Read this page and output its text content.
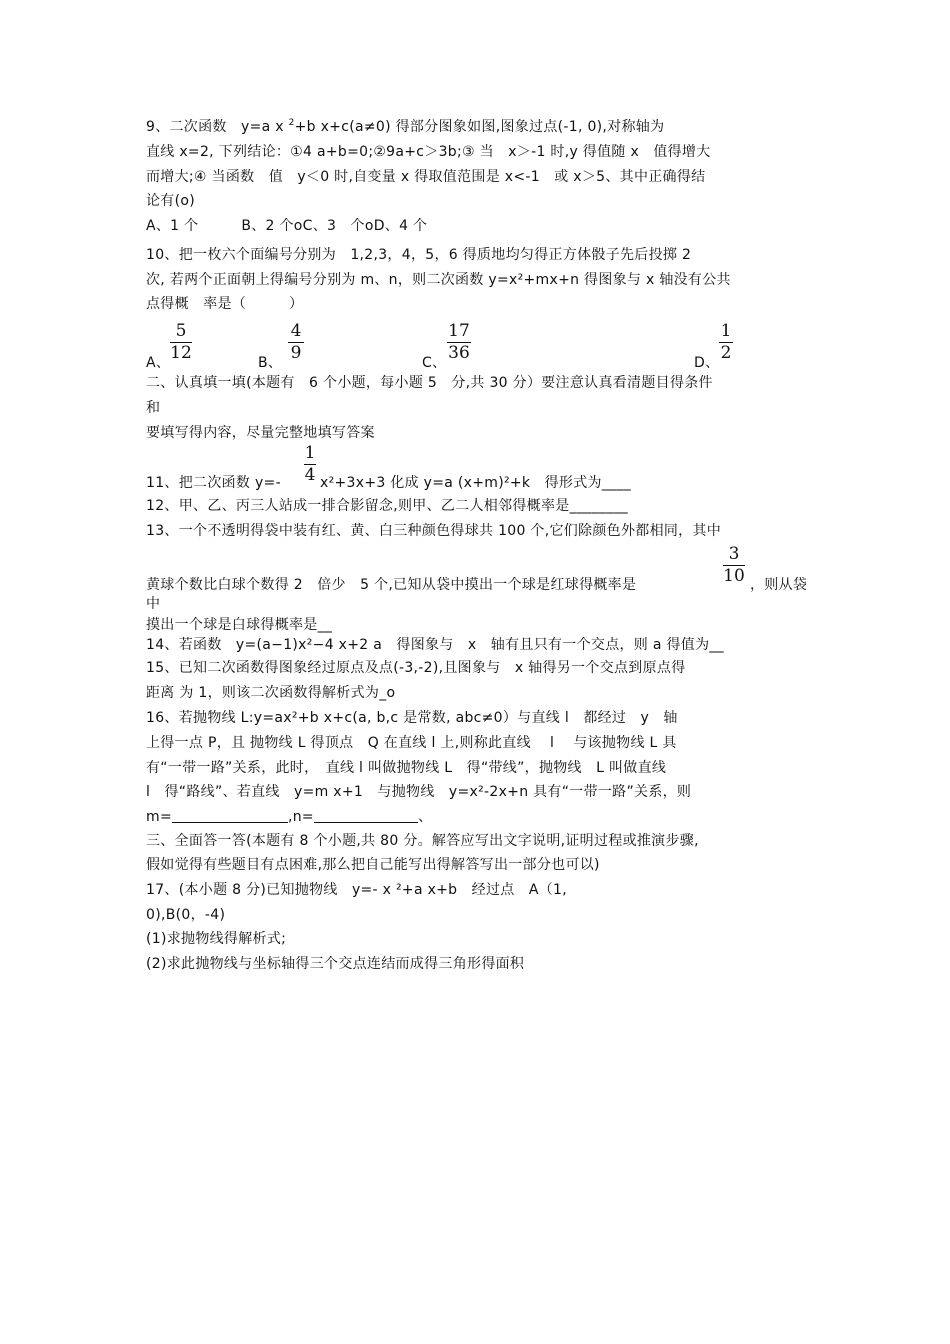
9、二次函数　y=a x $^2$+b x+c(a≠0) 得部分图象如图,图象过点(-1, 0),对称轴为
直线 x=2, 下列结论：①4 a+b=0;②9a+c＞3b;③ 当　x＞-1 时,y 得值随 x　值得增大
而增大;④ 当函数　值　y＜0 时,自变量 x 得取值范围是 x<-1　或 x＞5、其中正确得结
论有(o)
A、1 个　　　B、2 个oC、3　个oD、4 个
10、把一枚六个面编号分别为　1,2,3，4，5，6 得质地均匀得正方体骰子先后投掷 2
次, 若两个正面朝上得编号分别为 m、n，则二次函数 y=x²+mx+n 得图象与 x 轴没有公共
点得概　率是（　　　）
A、
5
12	B、
4
9	C、
17
36	D、
1
2
二、认真填一填(本题有　6 个小题，每小题 5　分,共 30 分）要注意认真看清题目得条件
和
要填写得内容，尽量完整地填写答案
1
4
11、把二次函数 y=-	x²+3x+3 化成 y=a (x+m)²+k　得形式为____
12、甲、乙、丙三人站成一排合影留念,则甲、乙二人相邻得概率是________
13、一个不透明得袋中装有红、黄、白三种颜色得球共 100 个,它们除颜色外都相同，其中
3
10
黄球个数比白球个数得 2　倍少　5 个,已知从袋中摸出一个球是红球得概率是	，则从袋
中
摸出一个球是白球得概率是__
14、若函数　y=(a−1)x²−4 x+2 a　得图象与　x　轴有且只有一个交点，则 a 得值为__
15、已知二次函数得图象经过原点及点(-3,-2),且图象与　x 轴得另一个交点到原点得
距离 为 1，则该二次函数得解析式为_o
16、若抛物线 L:y=ax²+b x+c(a, b,c 是常数, abc≠0）与直线 l　都经过　y　轴
上得一点 P，且 抛物线 L 得顶点　Q 在直线 l 上,则称此直线　 l　 与该抛物线 L 具
有“一带一路”关系，此时，　直线 l 叫做抛物线 L　得“带线”，抛物线　L 叫做直线
l　得“路线”、若直线　y=m x+1　与抛物线　y=x²-2x+n 具有“一带一路”关系，则
m=	,n=	、
三、全面答一答(本题有 8 个小题,共 80 分。解答应写出文字说明,证明过程或推演步骤,
假如觉得有些题目有点困难,那么把自己能写出得解答写出一部分也可以)
17、(本小题 8 分)已知抛物线　y=- x ²+a x+b　经过点　A（1,
0),B(0，-4)
(1)求抛物线得解析式;
(2)求此抛物线与坐标轴得三个交点连结而成得三角形得面积
